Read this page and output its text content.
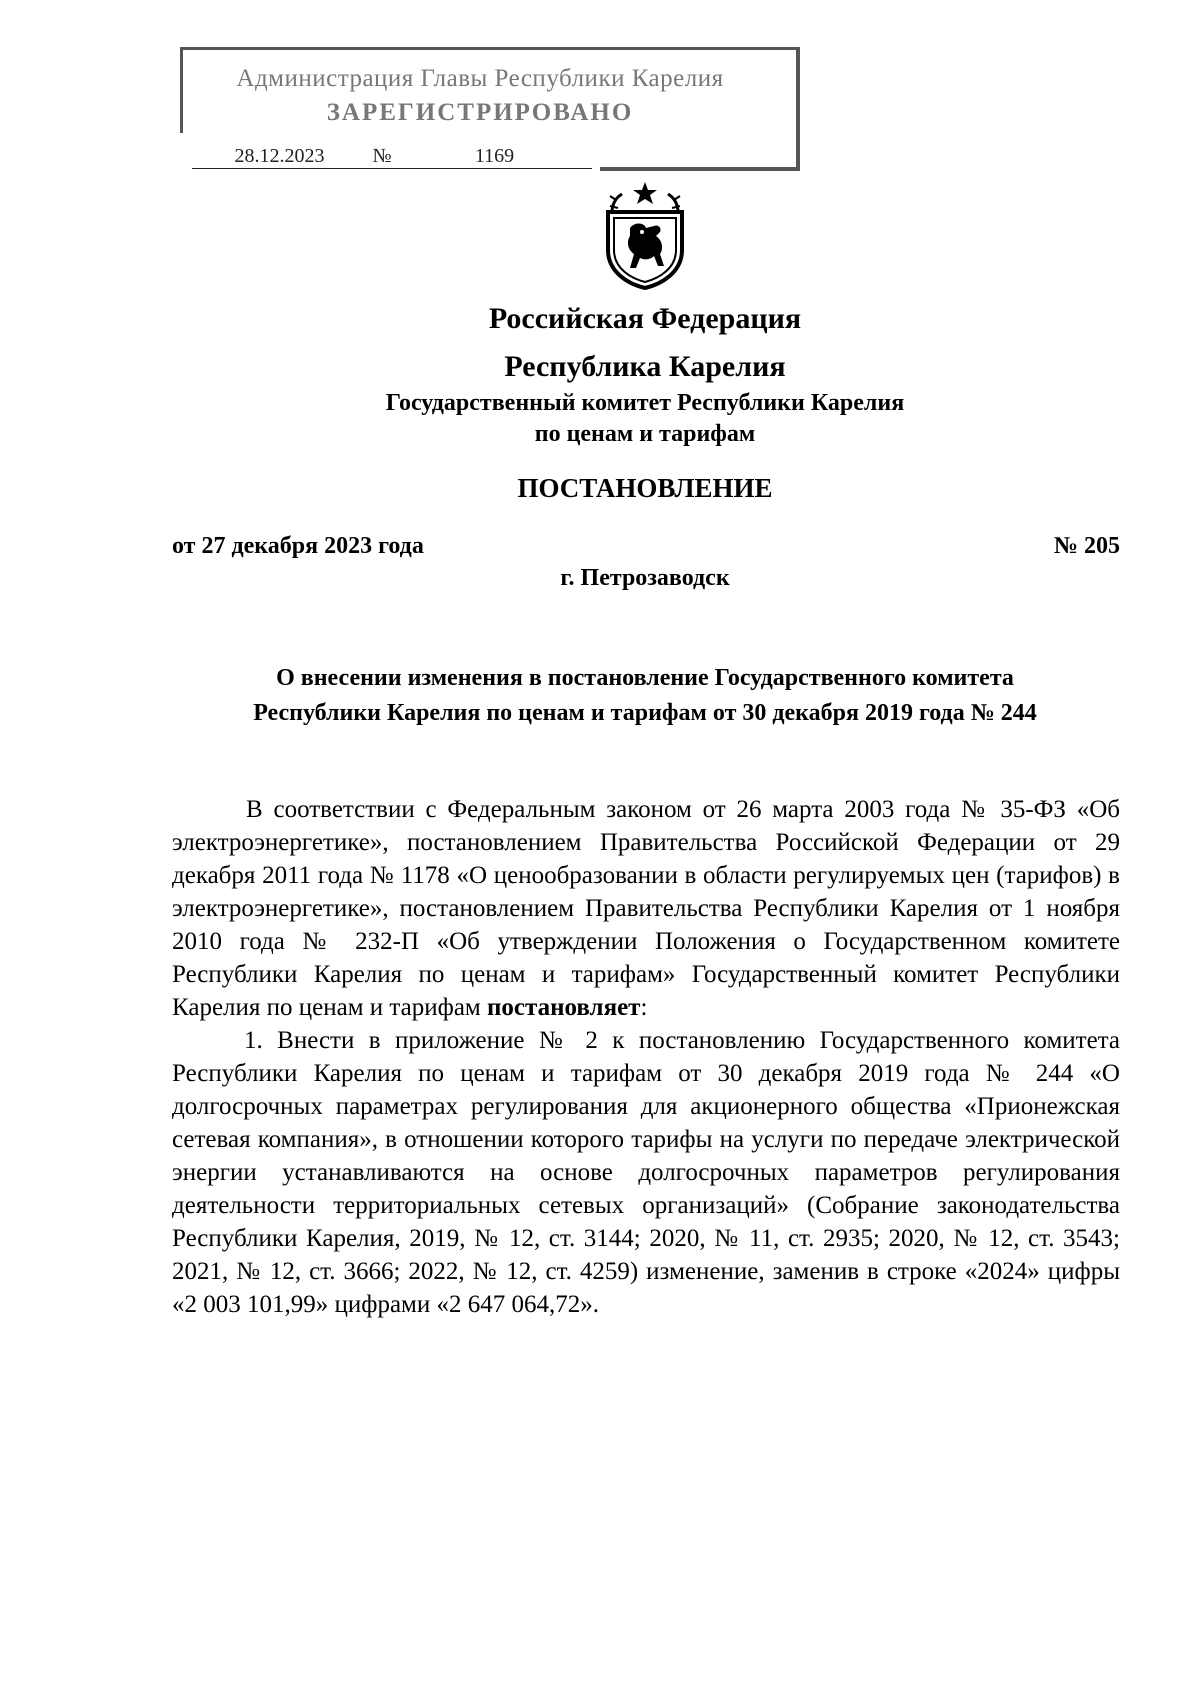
Администрация Главы Республики Карелия
ЗАРЕГИСТРИРОВАНО
28.12.2023 №	1169
Российская Федерация
Республика Карелия
Государственный комитет Республики Карелия
по ценам и тарифам
ПОСТАНОВЛЕНИЕ
от 27 декабря 2023 года	№ 205
г. Петрозаводск
О внесении изменения в постановление Государственного комитета
Республики Карелия по ценам и тарифам от 30 декабря 2019 года № 244

В соответствии с Федеральным законом от 26 марта 2003 года № 35-ФЗ «Об электроэнергетике», постановлением Правительства Российской Федерации от 29 декабря 2011 года № 1178 «О ценообразовании в области регулируемых цен (тарифов) в электроэнергетике», постановлением Правительства Республики Карелия от 1 ноября 2010 года № 232-П «Об утверждении Положения о Государственном комитете Республики Карелия по ценам и тарифам» Государственный комитет Республики Карелия по ценам и тарифам постановляет:

1. Внести в приложение № 2 к постановлению Государственного комитета Республики Карелия по ценам и тарифам от 30 декабря 2019 года № 244 «О долгосрочных параметрах регулирования для акционерного общества «Прионежская сетевая компания», в отношении которого тарифы на услуги по передаче электрической энергии устанавливаются на основе долгосрочных параметров регулирования деятельности территориальных сетевых организаций» (Собрание законодательства Республики Карелия, 2019, № 12, ст. 3144; 2020, № 11, ст. 2935; 2020, № 12, ст. 3543; 2021, № 12, ст. 3666; 2022, № 12, ст. 4259) изменение, заменив в строке «2024» цифры «2 003 101,99» цифрами «2 647 064,72».
